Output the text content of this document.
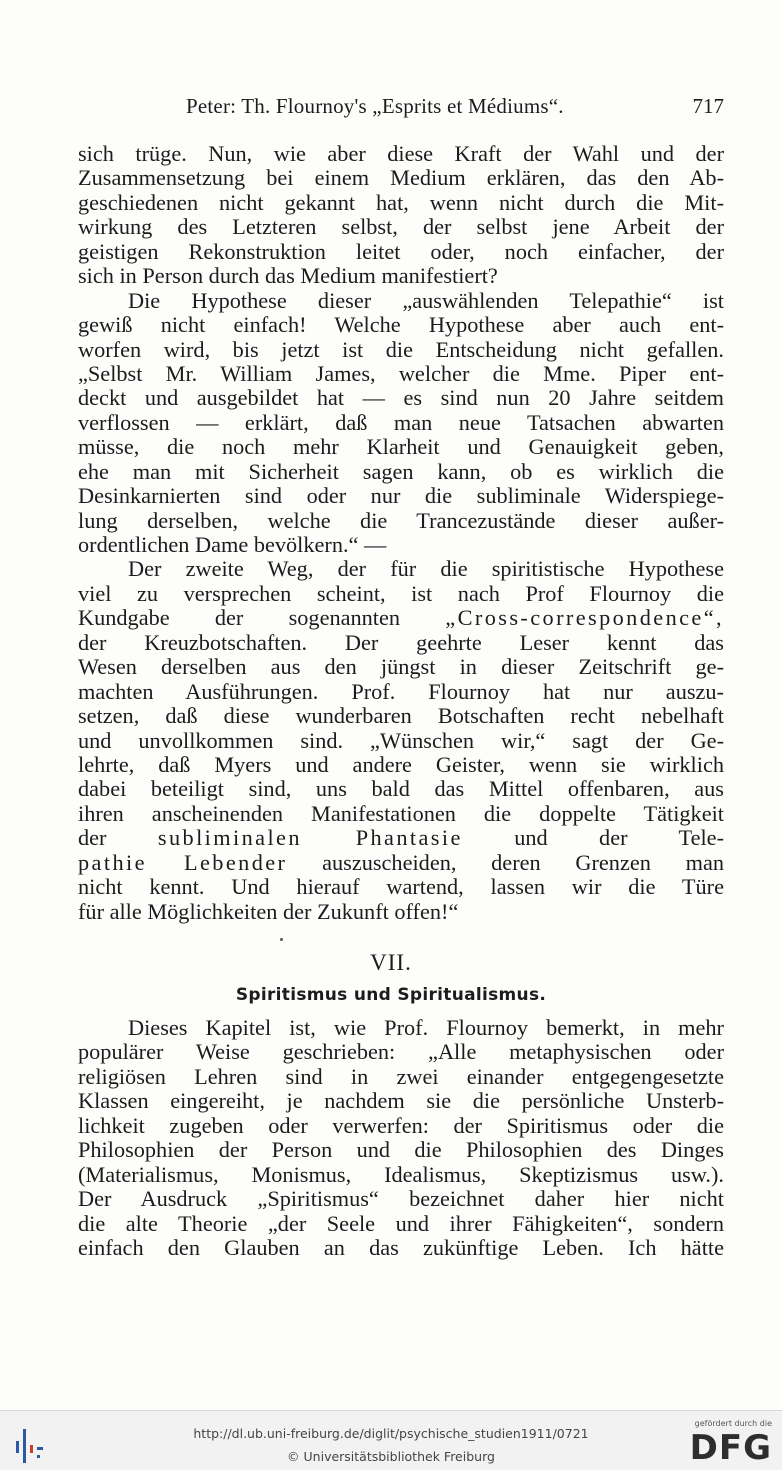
Peter: Th. Flournoy's „Esprits et Médiums“.	717
sich trüge. Nun, wie aber diese Kraft der Wahl und der
Zusammensetzung bei einem Medium erklären, das den Ab-
geschiedenen nicht gekannt hat, wenn nicht durch die Mit-
wirkung des Letzteren selbst, der selbst jene Arbeit der
geistigen Rekonstruktion leitet oder, noch einfacher, der
sich in Person durch das Medium manifestiert?
Die Hypothese dieser „auswählenden Telepathie“ ist
gewiß nicht einfach! Welche Hypothese aber auch ent-
worfen wird, bis jetzt ist die Entscheidung nicht gefallen.
„Selbst Mr. William James, welcher die Mme. Piper ent-
deckt und ausgebildet hat — es sind nun 20 Jahre seitdem
verflossen — erklärt, daß man neue Tatsachen abwarten
müsse, die noch mehr Klarheit und Genauigkeit geben,
ehe man mit Sicherheit sagen kann, ob es wirklich die
Desinkarnierten sind oder nur die subliminale Widerspiege-
lung derselben, welche die Trancezustände dieser außer-
ordentlichen Dame bevölkern.“ —
Der zweite Weg, der für die spiritistische Hypothese
viel zu versprechen scheint, ist nach Prof Flournoy die
Kundgabe der sogenannten „Cross-correspondence“,
der Kreuzbotschaften. Der geehrte Leser kennt das
Wesen derselben aus den jüngst in dieser Zeitschrift ge-
machten Ausführungen. Prof. Flournoy hat nur auszu-
setzen, daß diese wunderbaren Botschaften recht nebelhaft
und unvollkommen sind. „Wünschen wir,“ sagt der Ge-
lehrte, daß Myers und andere Geister, wenn sie wirklich
dabei beteiligt sind, uns bald das Mittel offenbaren, aus
ihren anscheinenden Manifestationen die doppelte Tätigkeit
der subliminalen Phantasie und der Tele-
pathie Lebender auszuscheiden, deren Grenzen man
nicht kennt. Und hierauf wartend, lassen wir die Türe
für alle Möglichkeiten der Zukunft offen!“
VII.
Spiritismus und Spiritualismus.
Dieses Kapitel ist, wie Prof. Flournoy bemerkt, in mehr
populärer Weise geschrieben: „Alle metaphysischen oder
religiösen Lehren sind in zwei einander entgegengesetzte
Klassen eingereiht, je nachdem sie die persönliche Unsterb-
lichkeit zugeben oder verwerfen: der Spiritismus oder die
Philosophien der Person und die Philosophien des Dinges
(Materialismus, Monismus, Idealismus, Skeptizismus usw.).
Der Ausdruck „Spiritismus“ bezeichnet daher hier nicht
die alte Theorie „der Seele und ihrer Fähigkeiten“, sondern
einfach den Glauben an das zukünftige Leben. Ich hätte
http://dl.ub.uni-freiburg.de/diglit/psychische_studien1911/0721
© Universitätsbibliothek Freiburg
gefördert durch die
DFG
